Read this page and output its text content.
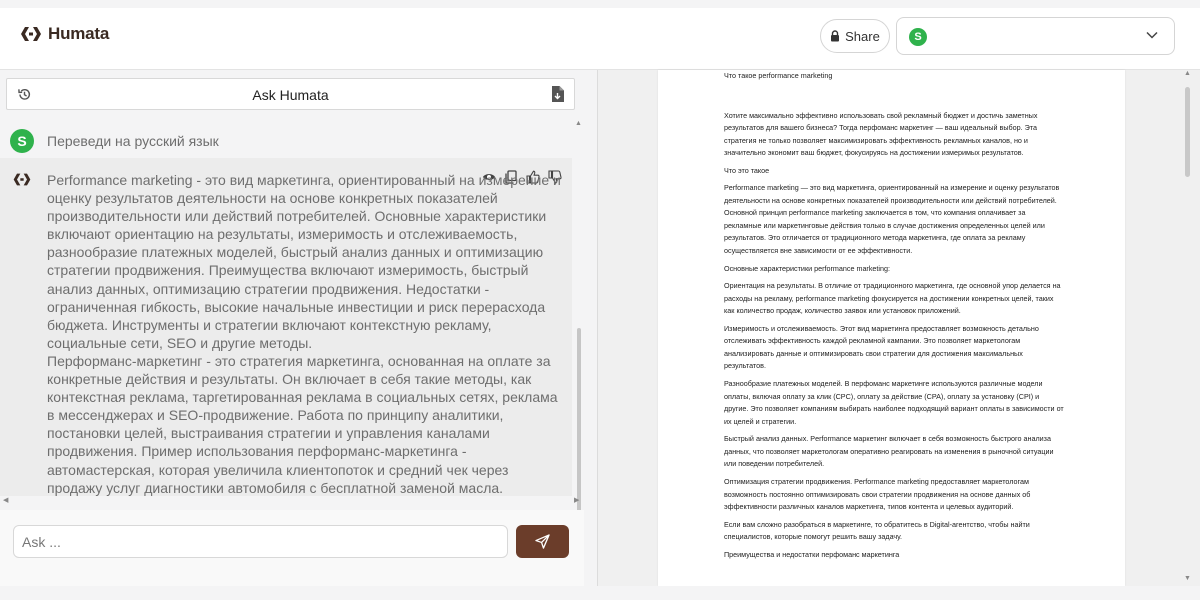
Humata	Share	S
Ask Humata
S	Переведи на русский язык

Performance marketing - это вид маркетинга, ориентированный на измерение и оценку результатов деятельности на основе конкретных показателей производительности или действий потребителей. Основные характеристики включают ориентацию на результаты, измеримость и отслеживаемость, разнообразие платежных моделей, быстрый анализ данных и оптимизацию стратегии продвижения. Преимущества включают измеримость, быстрый анализ данных, оптимизацию стратегии продвижения. Недостатки - ограниченная гибкость, высокие начальные инвестиции и риск перерасхода бюджета. Инструменты и стратегии включают контекстную рекламу, социальные сети, SEO и другие методы.

Перформанс-маркетинг - это стратегия маркетинга, основанная на оплате за конкретные действия и результаты. Он включает в себя такие методы, как контекстная реклама, таргетированная реклама в социальных сетях, реклама в мессенджерах и SEO-продвижение. Работа по принципу аналитики, постановки целей, выстраивания стратегии и управления каналами продвижения. Пример использования перформанс-маркетинга - автомастерская, которая увеличила клиентопоток и средний чек через продажу услуг диагностики автомобиля с бесплатной заменой масла.

▲
◀	▶
Ask ...

Что такое performance marketing

Хотите максимально эффективно использовать свой рекламный бюджет и достичь заметных результатов для вашего бизнеса? Тогда перфоманс маркетинг — ваш идеальный выбор. Эта стратегия не только позволяет максимизировать эффективность рекламных каналов, но и значительно экономит ваш бюджет, фокусируясь на достижении измеримых результатов.

Что это такое

Performance marketing — это вид маркетинга, ориентированный на измерение и оценку результатов деятельности на основе конкретных показателей производительности или действий потребителей. Основной принцип performance marketing заключается в том, что компания оплачивает за рекламные или маркетинговые действия только в случае достижения определенных целей или результатов. Это отличается от традиционного метода маркетинга, где оплата за рекламу осуществляется вне зависимости от ее эффективности.

Основные характеристики performance marketing:

Ориентация на результаты. В отличие от традиционного маркетинга, где основной упор делается на расходы на рекламу, performance marketing фокусируется на достижении конкретных целей, таких как количество продаж, количество заявок или установок приложений.

Измеримость и отслеживаемость. Этот вид маркетинга предоставляет возможность детально отслеживать эффективность каждой рекламной кампании. Это позволяет маркетологам анализировать данные и оптимизировать свои стратегии для достижения максимальных результатов.

Разнообразие платежных моделей. В перфоманс маркетинге используются различные модели оплаты, включая оплату за клик (CPC), оплату за действие (CPA), оплату за установку (CPI) и другие. Это позволяет компаниям выбирать наиболее подходящий вариант оплаты в зависимости от их целей и стратегии.

Быстрый анализ данных. Performance маркетинг включает в себя возможность быстрого анализа данных, что позволяет маркетологам оперативно реагировать на изменения в рыночной ситуации или поведении потребителей.

Оптимизация стратегии продвижения. Performance marketing предоставляет маркетологам возможность постоянно оптимизировать свои стратегии продвижения на основе данных об эффективности различных каналов маркетинга, типов контента и целевых аудиторий.

Если вам сложно разобраться в маркетинге, то обратитесь в Digital-агентство, чтобы найти специалистов, которые помогут решить вашу задачу.

Преимущества и недостатки перфоманс маркетинга

▲
▼
